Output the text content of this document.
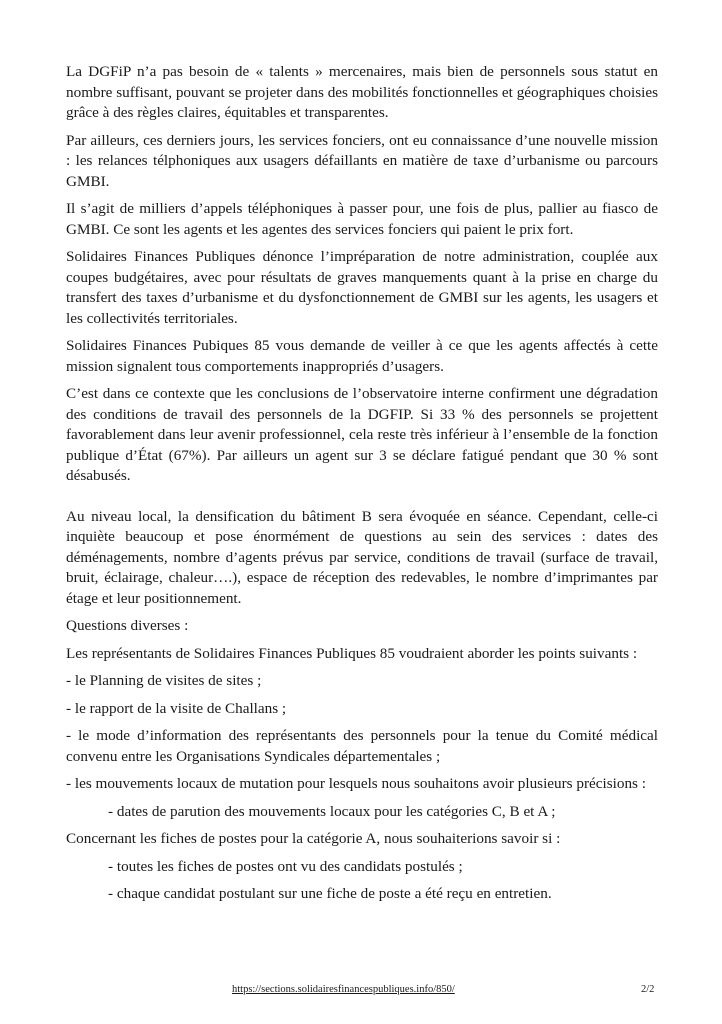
La DGFiP n’a pas besoin de « talents » mercenaires, mais bien de personnels sous statut en nombre suffisant, pouvant se projeter dans des mobilités fonctionnelles et géographiques choisies grâce à des règles claires, équitables et transparentes.

Par ailleurs, ces derniers jours, les services fonciers, ont eu connaissance d’une nouvelle mission : les relances télphoniques aux usagers défaillants en matière de taxe d’urbanisme ou parcours GMBI.

Il s’agit de milliers d’appels téléphoniques à passer pour, une fois de plus, pallier au fiasco de GMBI. Ce sont les agents et les agentes des services fonciers qui paient le prix fort.

Solidaires Finances Publiques dénonce l’impréparation de notre administration, couplée aux coupes budgétaires, avec pour résultats de graves manquements quant à la prise en charge du transfert des taxes d’urbanisme et du dysfonctionnement de GMBI sur les agents, les usagers et les collectivités territoriales.

Solidaires Finances Pubiques 85 vous demande de veiller à ce que les agents affectés à cette mission signalent tous comportements inappropriés d’usagers.

C’est dans ce contexte que les conclusions de l’observatoire interne confirment une dégradation des conditions de travail des personnels de la DGFIP. Si 33 % des personnels se projettent favorablement dans leur avenir professionnel, cela reste très inférieur à l’ensemble de la fonction publique d’État (67%). Par ailleurs un agent sur 3 se déclare fatigué pendant que 30 % sont désabusés.

Au niveau local, la densification du bâtiment B sera évoquée en séance. Cependant, celle-ci inquiète beaucoup et pose énormément de questions au sein des services : dates des déménagements, nombre d’agents prévus par service, conditions de travail (surface de travail, bruit, éclairage, chaleur….), espace de réception des redevables, le nombre d’imprimantes par étage et leur positionnement.

Questions diverses :

Les représentants de Solidaires Finances Publiques 85 voudraient aborder les points suivants :

- le Planning de visites de sites ;

- le rapport de la visite de Challans ;

- le mode d’information des représentants des personnels pour la tenue du Comité médical convenu entre les Organisations Syndicales départementales ;

- les mouvements locaux de mutation pour lesquels nous souhaitons avoir plusieurs précisions :

- dates de parution des mouvements locaux pour les catégories C, B et A ;

Concernant les fiches de postes pour la catégorie A, nous souhaiterions savoir si :

- toutes les fiches de postes ont vu des candidats postulés ;

- chaque candidat postulant sur une fiche de poste a été reçu en entretien.

https://sections.solidairesfinancespubliques.info/850/	2/2
